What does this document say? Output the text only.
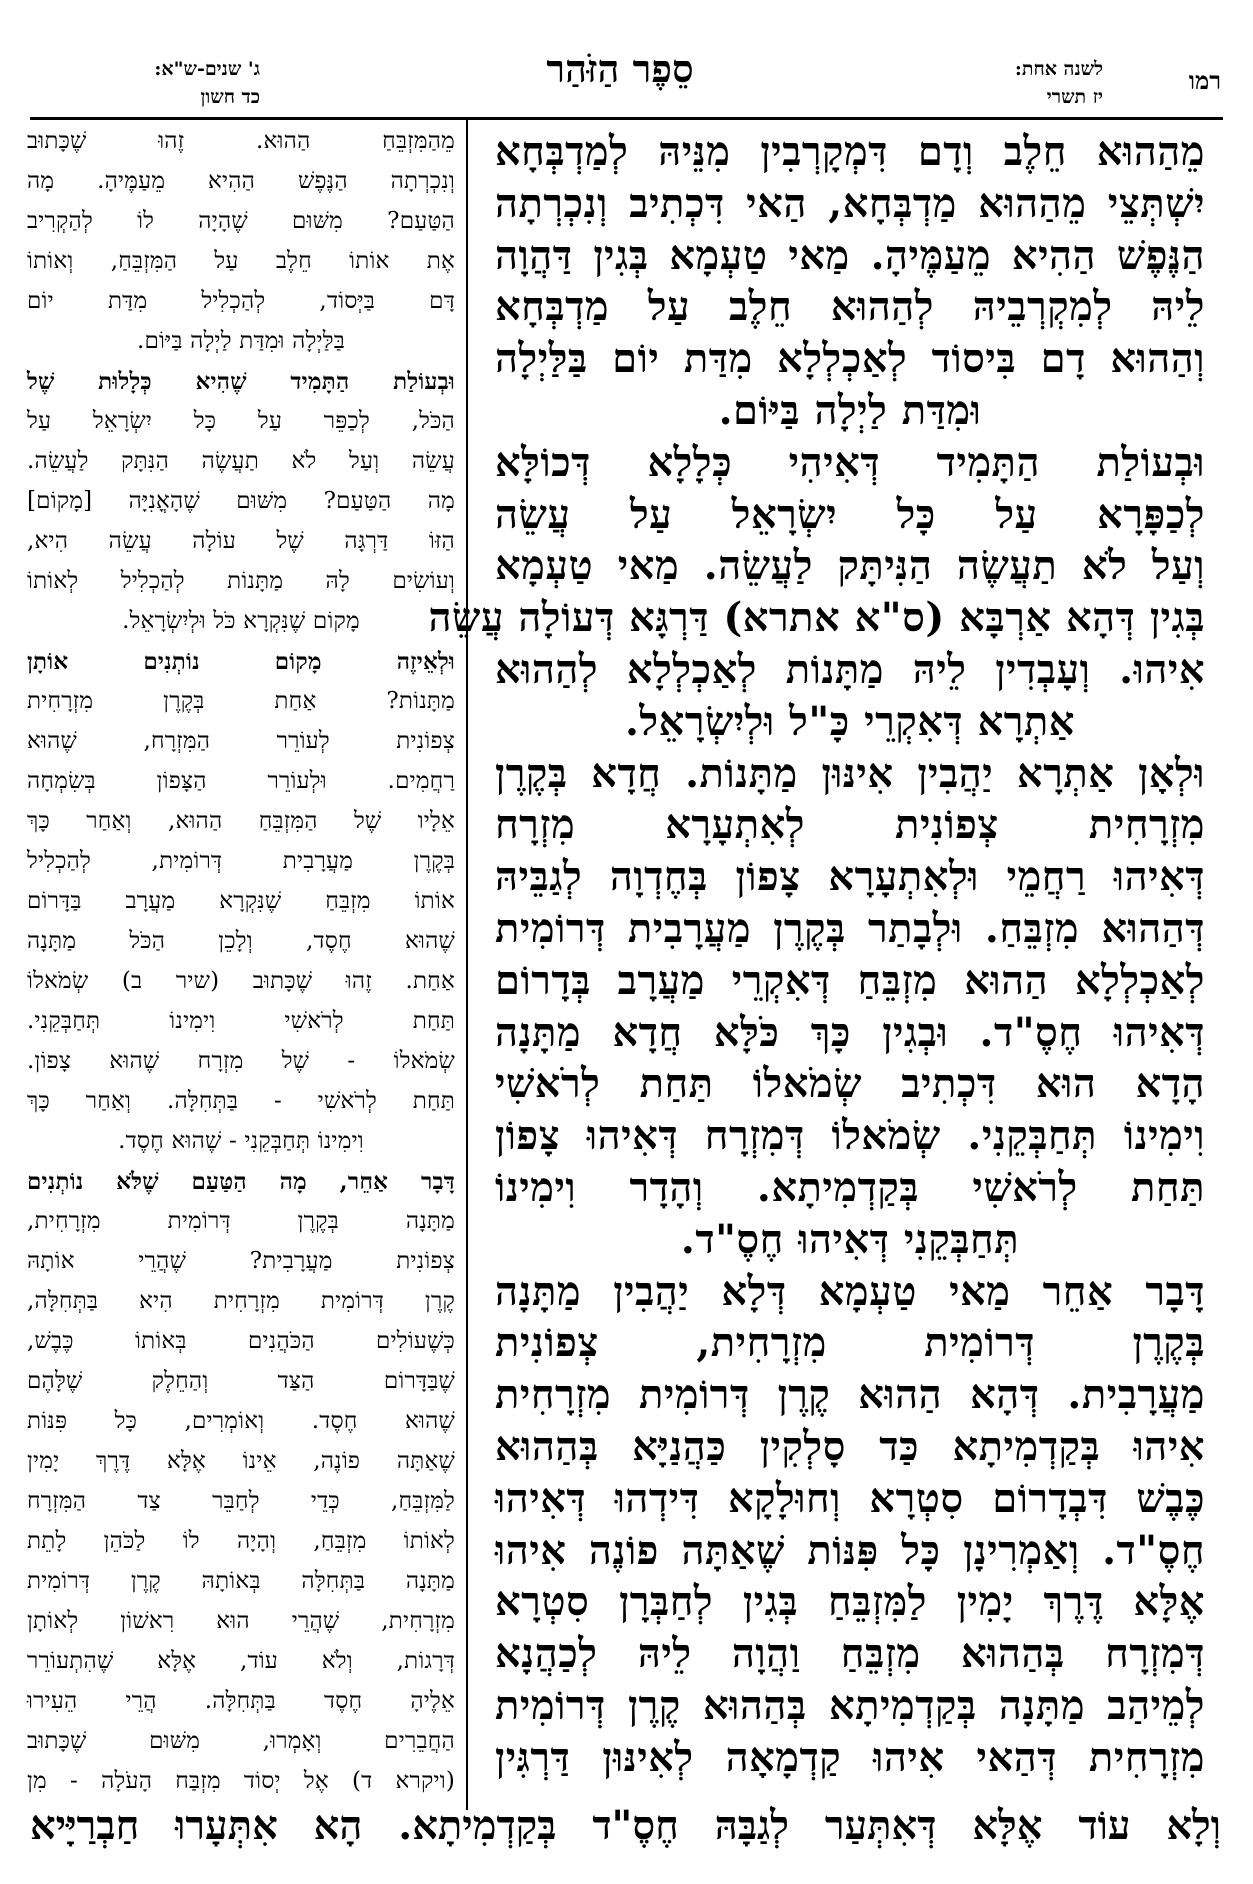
רמו
לשנה אחת:
יז תשרי
סֵפֶר הַזֹּהַר
ג' שנים-ש"א:
כד חשון
מֵהַהוּא חֵלֶב וְדָם דִּמְקָרְבִין מִנֵּיהּ לְמַדְבְּחָא
יִשְׁתְּצֵי מֵהַהוּא מַדְבְּחָא, הַאי דִּכְתִיב וְנִכְרְתָה
הַנֶּפֶשׁ הַהִיא מֵעַמֶּיהָ. מַאי טַעְמָא בְּגִין דַּהֲוָה
לֵיהּ לְמִקְרְבֵיהּ לְהַהוּא חֵלֶב עַל מַדְבְּחָא
וְהַהוּא דָם בִּיסוֹד לְאַכְלְלָא מִדַּת יוֹם בַּלַּיְלָה
וּמִדַּת לַיְלָה בַּיּוֹם.
וּבְעוֹלַת הַתָּמִיד דְּאִיהִי כְּלָלָא דְּכוֹלָּא
לְכַפָּרָא עַל כָּל יִשְׂרָאֵל עַל עֲשֵׂה
וְעַל לֹא תַעֲשֶׂה הַנִּיתָּק לַעֲשֵׂה. מַאי טַעְמָא
בְּגִין דְּהָא אַרְבָּא (ס"א אתרא) דַּרְגָּא דְּעוֹלָה עֲשֵׂה
אִיהוּ. וְעָבְדִין לֵיהּ מַתָּנוֹת לְאַכְלְלָא לְהַהוּא
אַתְרָא דְּאִקְרֵי כָּ"ל וּלְיִשְׂרָאֵל.
וּלְאָן אַתְרָא יַהֲבִין אִינּוּן מַתָּנוֹת. חֲדָא בְּקֶרֶן
מִזְרָחִית צְפוֹנִית לְאִתְעָרָא מִזְרָח
דְּאִיהוּ רַחֲמֵי וּלְאִתְעָרָא צָפוֹן בְּחֶדְוָה לְגַבֵּיהּ
דְּהַהוּא מִזְבֵּחַ. וּלְבָתַר בְּקֶרֶן מַעֲרָבִית דְּרוֹמִית
לְאַכְלְלָא הַהוּא מִזְבֵּחַ דְּאִקְרֵי מַעֲרָב בְּדָרוֹם
דְּאִיהוּ חֶסֶ"ד. וּבְגִין כָּךְ כֹּלָּא חֲדָא מַתָּנָה
הָדָא הוּא דִּכְתִיב שְׂמֹאלוֹ תַּחַת לְרֹאשִׁי
וִימִינוֹ תְּחַבְּקֵנִי. שְׂמֹאלוֹ דְּמִזְרָח דְּאִיהוּ צָפוֹן
תַּחַת לְרֹאשִׁי בְּקַדְמִיתָא. וְהָדָר וִימִינוֹ
תְּחַבְּקֵנִי דְּאִיהוּ חֶסֶ"ד.
דָּבָר אַחֵר מַאי טַעְמָא דְּלָא יַהֲבִין מַתָּנָה
בְּקֶרֶן דְּרוֹמִית מִזְרָחִית, צְפוֹנִית
מַעֲרָבִית. דְּהָא הַהוּא קֶרֶן דְּרוֹמִית מִזְרָחִית
אִיהוּ בְּקַדְמִיתָא כַּד סָלְקִין כַּהֲנַיָּא בְּהַהוּא
כֶּבֶשׁ דִּבְדָרוֹם סִטְרָא וְחוּלָקָא דִּידְהוּ דְּאִיהוּ
חֶסֶ"ד. וְאַמְרִינָן כָּל פִּנּוֹת שֶׁאַתָּה פוֹנֶה אִיהוּ
אֶלָּא דֶּרֶךְ יָמִין לַמִּזְבֵּחַ בְּגִין לְחַבְּרָן סִטְרָא
דְּמִזְרָח בְּהַהוּא מִזְבֵּחַ וַהֲוָה לֵיהּ לְכַהֲנָא
לְמֵיהַב מַתָּנָה בְּקַדְמִיתָא בְּהַהוּא קֶרֶן דְּרוֹמִית
מִזְרָחִית דְּהַאי אִיהוּ קַדְמָאָה לְאִינּוּן דַּרְגִּין
מֵהַמִּזְבֵּחַ הַהוּא. זֶהוּ שֶׁכָּתוּב
וְנִכְרְתָה הַנֶּפֶשׁ הַהִיא מֵעַמֶּיהָ. מָה
הַטַּעַם? מִשּׁוּם שֶׁהָיָה לוֹ לְהַקְרִיב
אֶת אוֹתוֹ חֵלֶב עַל הַמִּזְבֵּחַ, וְאוֹתוֹ
דָּם בַּיְּסוֹד, לְהַכְלִיל מִדַּת יוֹם
בַּלַּיְלָה וּמִדַּת לַיְלָה בַּיּוֹם.
וּבְעוֹלַת הַתָּמִיד שֶׁהִיא כְּלָלוּת שֶׁל
הַכֹּל, לְכַפֵּר עַל כָּל יִשְׂרָאֵל עַל
עֲשֵׂה וְעַל לֹא תַעֲשֶׂה הַנִּתָּק לַעֲשֵׂה.
מָה הַטַּעַם? מִשּׁוּם שֶׁהָאֳנִיָּה [מָקוֹם]
הַזּוֹ דַּרְגָּה שֶׁל עוֹלָה עֲשֵׂה הִיא,
וְעוֹשִׂים לָהּ מַתָּנוֹת לְהַכְלִיל לְאוֹתוֹ
מָקוֹם שֶׁנִּקְרָא כֹּל וּלְיִשְׂרָאֵל.
וּלְאֵיזֶה מָקוֹם נוֹתְנִים אוֹתָן
מַתָּנוֹת? אַחַת בְּקֶרֶן מִזְרָחִית
צְפוֹנִית לְעוֹרֵר הַמִּזְרָח, שֶׁהוּא
רַחֲמִים. וּלְעוֹרֵר הַצָּפוֹן בְּשִׂמְחָה
אֵלָיו שֶׁל הַמִּזְבֵּחַ הַהוּא, וְאַחַר כָּךְ
בְּקֶרֶן מַעֲרָבִית דְּרוֹמִית, לְהַכְלִיל
אוֹתוֹ מִזְבֵּחַ שֶׁנִּקְרָא מַעֲרָב בַּדָּרוֹם
שֶׁהוּא חֶסֶד, וְלָכֵן הַכֹּל מַתָּנָה
אַחַת. זֶהוּ שֶׁכָּתוּב (שיר ב) שְׂמֹאלוֹ
תַּחַת לְרֹאשִׁי וִימִינוֹ תְּחַבְּקֵנִי.
שְׂמֹאלוֹ - שֶׁל מִזְרָח שֶׁהוּא צָפוֹן.
תַּחַת לְרֹאשִׁי - בַּתְּחִלָּה. וְאַחַר כָּךְ
וִימִינוֹ תְּחַבְּקֵנִי - שֶׁהוּא חֶסֶד.
דָּבָר אַחֵר, מָה הַטַּעַם שֶׁלֹּא נוֹתְנִים
מַתָּנָה בְּקֶרֶן דְּרוֹמִית מִזְרָחִית,
צְפוֹנִית מַעֲרָבִית? שֶׁהֲרֵי אוֹתָהּ
קֶרֶן דְּרוֹמִית מִזְרָחִית הִיא בַּתְּחִלָּה,
כְּשֶׁעוֹלִים הַכֹּהֲנִים בְּאוֹתוֹ כֶּבֶשׁ,
שֶׁבַּדָּרוֹם הַצַּד וְהַחֵלֶק שֶׁלָּהֶם
שֶׁהוּא חֶסֶד. וְאוֹמְרִים, כָּל פִּנּוֹת
שֶׁאַתָּה פוֹנֶה, אֵינוֹ אֶלָּא דֶּרֶךְ יָמִין
לַמִּזְבֵּחַ, כְּדֵי לְחַבֵּר צַד הַמִּזְרָח
לְאוֹתוֹ מִזְבֵּחַ, וְהָיָה לוֹ לַכֹּהֵן לָתֵת
מַתָּנָה בַּתְּחִלָּה בְּאוֹתָהּ קֶרֶן דְּרוֹמִית
מִזְרָחִית, שֶׁהֲרֵי הוּא רִאשׁוֹן לְאוֹתָן
דְּרָגוֹת, וְלֹא עוֹד, אֶלָּא שֶׁהִתְעוֹרֵר
אֵלֶיהָ חֶסֶד בַּתְּחִלָּה. הֲרֵי הֵעִירוּ
הַחֲבֵרִים וְאָמְרוּ, מִשּׁוּם שֶׁכָּתוּב
(ויקרא ד) אֶל יְסוֹד מִזְבַּח הָעֹלָה - מִן
וְלָא עוֹד אֶלָּא דְּאִתְּעַר לְגַבָּהּ חֶסֶ"ד בְּקַדְמִיתָא. הָא אִתְּעָרוּ חַבְרַיָּיא
